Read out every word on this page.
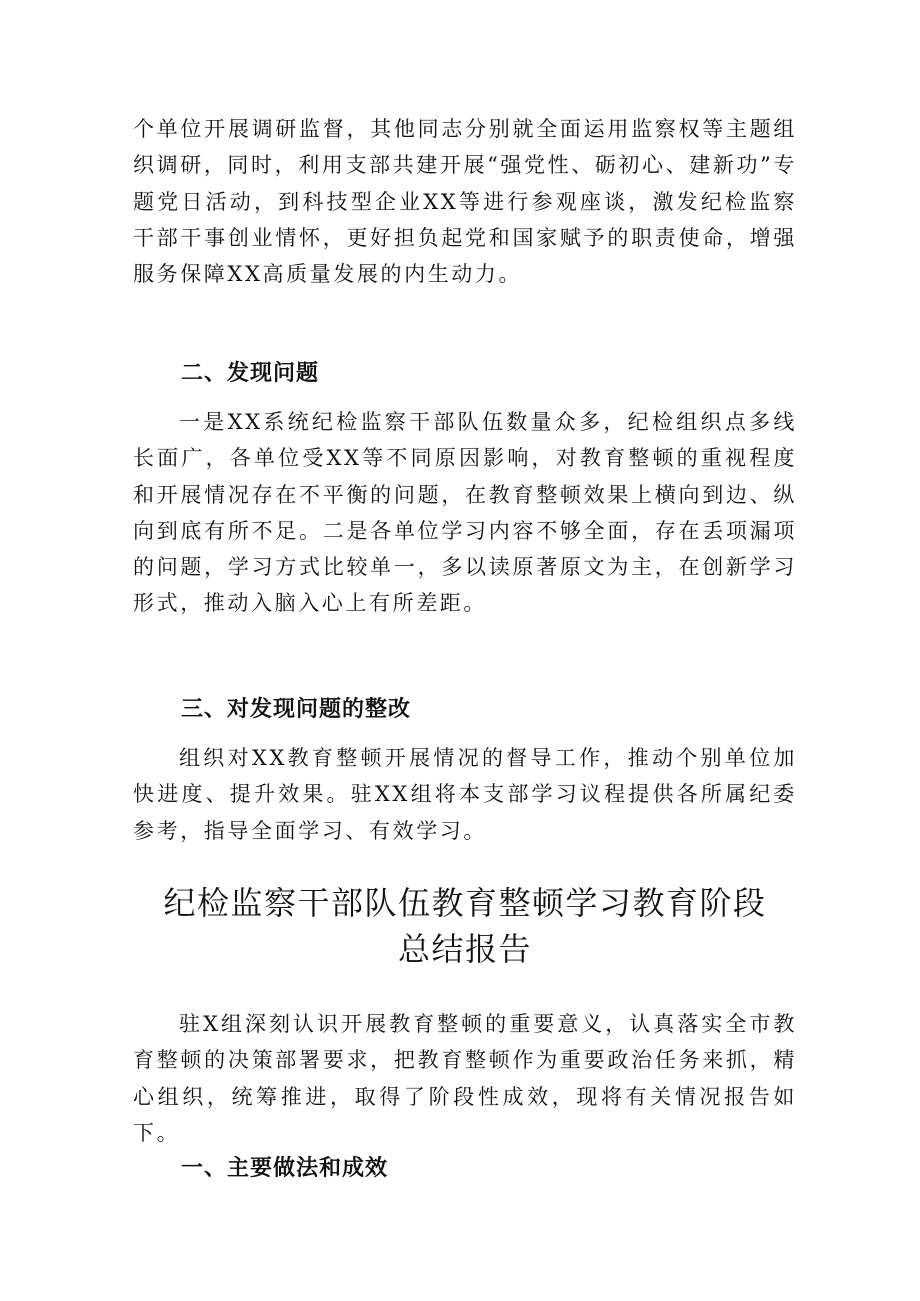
个单位开展调研监督，其他同志分别就全面运用监察权等主题组织调研，同时，利用支部共建开展“强党性、砺初心、建新功”专题党日活动，到科技型企业XX等进行参观座谈，激发纪检监察干部干事创业情怀，更好担负起党和国家赋予的职责使命，增强服务保障XX高质量发展的内生动力。

二、发现问题

一是XX系统纪检监察干部队伍数量众多，纪检组织点多线长面广，各单位受XX等不同原因影响，对教育整顿的重视程度和开展情况存在不平衡的问题，在教育整顿效果上横向到边、纵向到底有所不足。二是各单位学习内容不够全面，存在丢项漏项的问题，学习方式比较单一，多以读原著原文为主，在创新学习形式，推动入脑入心上有所差距。

三、对发现问题的整改

组织对XX教育整顿开展情况的督导工作，推动个别单位加快进度、提升效果。驻XX组将本支部学习议程提供各所属纪委参考，指导全面学习、有效学习。

纪检监察干部队伍教育整顿学习教育阶段
总结报告

驻X组深刻认识开展教育整顿的重要意义，认真落实全市教育整顿的决策部署要求，把教育整顿作为重要政治任务来抓，精心组织，统筹推进，取得了阶段性成效，现将有关情况报告如下。

一、主要做法和成效
